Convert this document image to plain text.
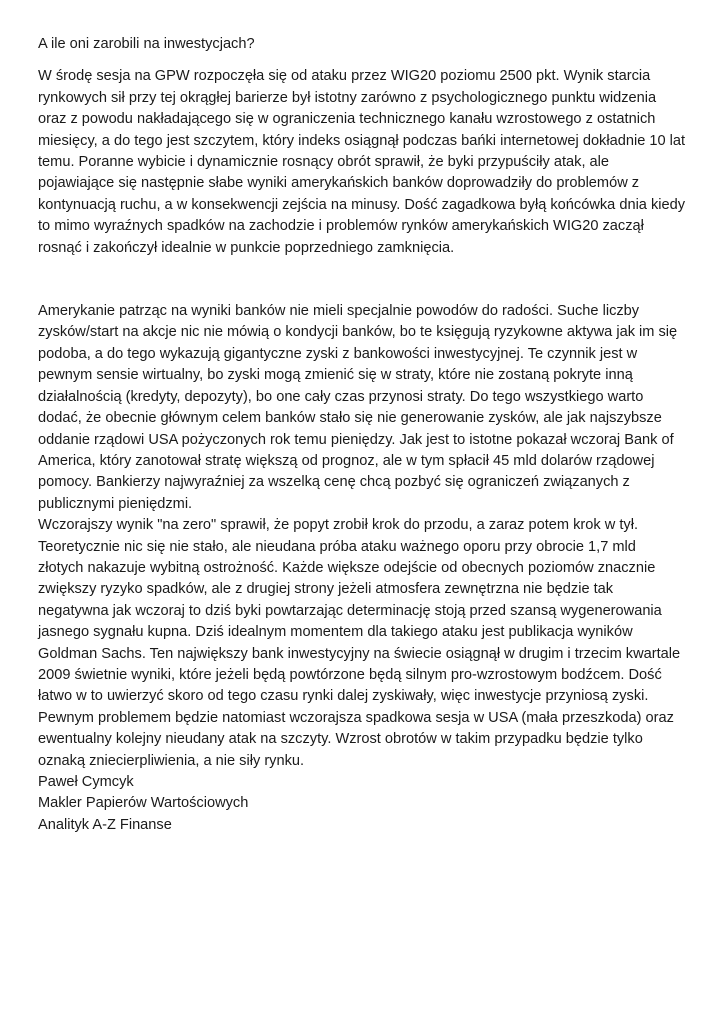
A ile oni zarobili na inwestycjach?
W środę sesja na GPW rozpoczęła się od ataku przez WIG20 poziomu 2500 pkt. Wynik starcia
rynkowych sił przy tej okrągłej barierze był istotny zarówno z psychologicznego punktu widzenia
oraz z powodu nakładającego się w ograniczenia technicznego kanału wzrostowego z ostatnich
miesięcy, a do tego jest szczytem, który indeks osiągnął podczas bańki internetowej dokładnie 10 lat
temu. Poranne wybicie i dynamicznie rosnący obrót sprawił, że byki przypuściły atak, ale
pojawiające się następnie słabe wyniki amerykańskich banków doprowadziły do problemów z
kontynuacją ruchu, a w konsekwencji zejścia na minusy. Dość zagadkowa byłą końcówka dnia kiedy
to mimo wyraźnych spadków na zachodzie i problemów rynków amerykańskich WIG20 zaczął
rosnąć i zakończył idealnie w punkcie poprzedniego zamknięcia.
Amerykanie patrząc na wyniki banków nie mieli specjalnie powodów do radości. Suche liczby
zysków/start na akcje nic nie mówią o kondycji banków, bo te księgują ryzykowne aktywa jak im się
podoba, a do tego wykazują gigantyczne zyski z bankowości inwestycyjnej. Te czynnik jest w
pewnym sensie wirtualny, bo zyski mogą zmienić się w straty, które nie zostaną pokryte inną
działalnością (kredyty, depozyty), bo one cały czas przynosi straty. Do tego wszystkiego warto
dodać, że obecnie głównym celem banków stało się nie generowanie zysków, ale jak najszybsze
oddanie rządowi USA pożyczonych rok temu pieniędzy. Jak jest to istotne pokazał wczoraj Bank of
America, który zanotował stratę większą od prognoz, ale w tym spłacił 45 mld dolarów rządowej
pomocy. Bankierzy najwyraźniej za wszelką cenę chcą pozbyć się ograniczeń związanych z
publicznymi pieniędzmi.
Wczorajszy wynik "na zero" sprawił, że popyt zrobił krok do przodu, a zaraz potem krok w tył.
Teoretycznie nic się nie stało, ale nieudana próba ataku ważnego oporu przy obrocie 1,7 mld
złotych nakazuje wybitną ostrożność. Każde większe odejście od obecnych poziomów znacznie
zwiększy ryzyko spadków, ale z drugiej strony jeżeli atmosfera zewnętrzna nie będzie tak
negatywna jak wczoraj to dziś byki powtarzając determinację stoją przed szansą wygenerowania
jasnego sygnału kupna. Dziś idealnym momentem dla takiego ataku jest publikacja wyników
Goldman Sachs. Ten największy bank inwestycyjny na świecie osiągnął w drugim i trzecim kwartale
2009 świetnie wyniki, które jeżeli będą powtórzone będą silnym pro-wzrostowym bodźcem. Dość
łatwo w to uwierzyć skoro od tego czasu rynki dalej zyskiwały, więc inwestycje przyniosą zyski.
Pewnym problemem będzie natomiast wczorajsza spadkowa sesja w USA (mała przeszkoda) oraz
ewentualny kolejny nieudany atak na szczyty. Wzrost obrotów w takim przypadku będzie tylko
oznaką zniecierpliwienia, a nie siły rynku.
Paweł Cymcyk
Makler Papierów Wartościowych
Analityk A-Z Finanse
